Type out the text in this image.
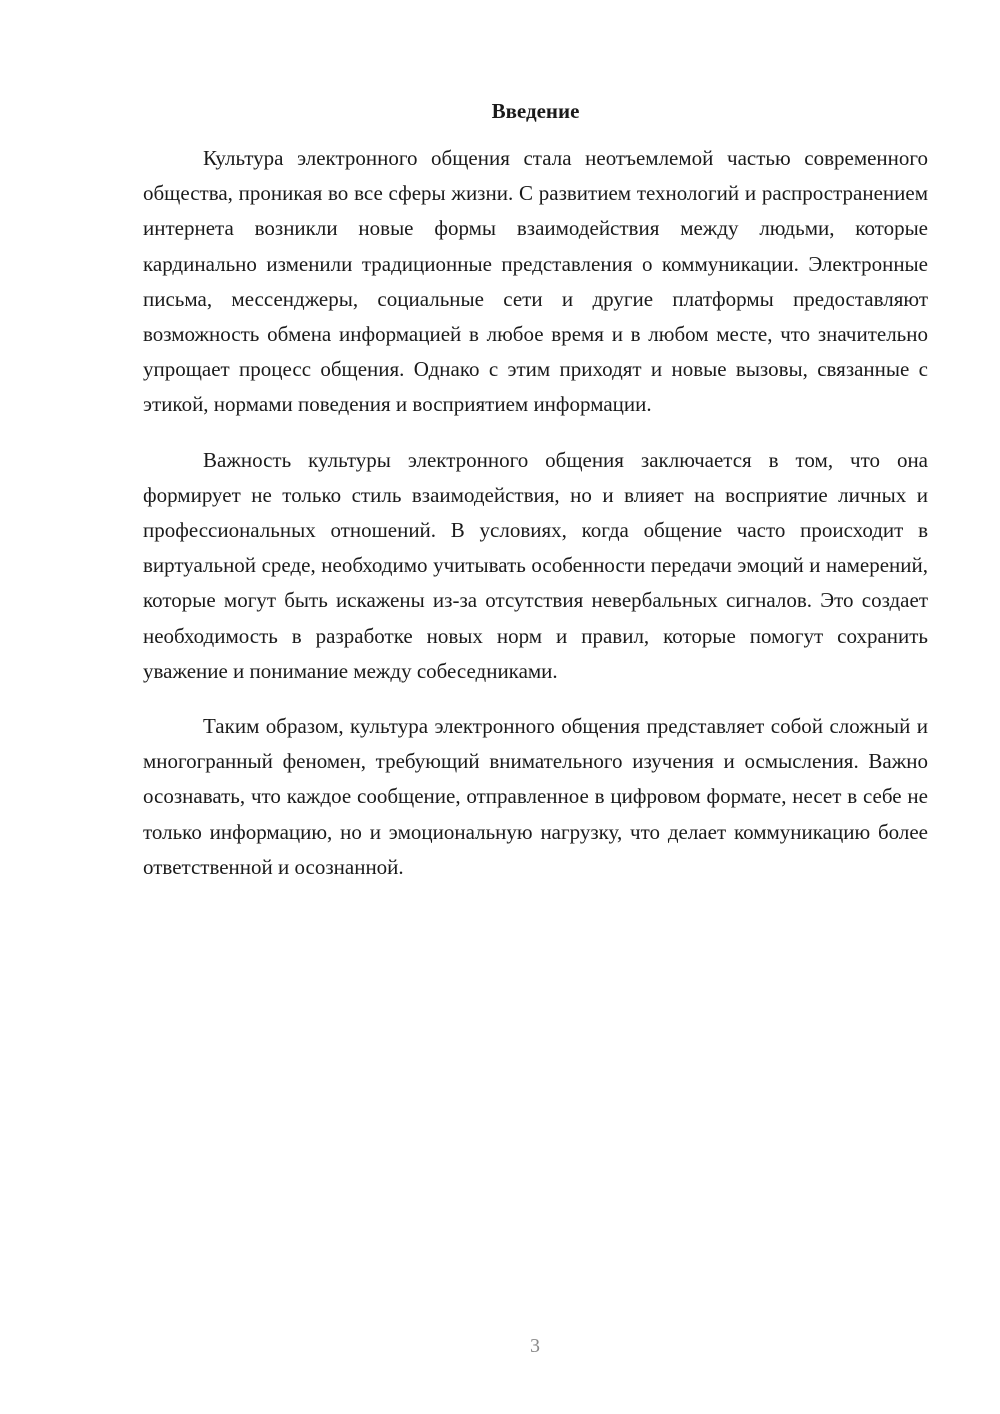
Введение

Культура электронного общения стала неотъемлемой частью современного общества, проникая во все сферы жизни. С развитием технологий и распространением интернета возникли новые формы взаимодействия между людьми, которые кардинально изменили традиционные представления о коммуникации. Электронные письма, мессенджеры, социальные сети и другие платформы предоставляют возможность обмена информацией в любое время и в любом месте, что значительно упрощает процесс общения. Однако с этим приходят и новые вызовы, связанные с этикой, нормами поведения и восприятием информации.

Важность культуры электронного общения заключается в том, что она формирует не только стиль взаимодействия, но и влияет на восприятие личных и профессиональных отношений. В условиях, когда общение часто происходит в виртуальной среде, необходимо учитывать особенности передачи эмоций и намерений, которые могут быть искажены из-за отсутствия невербальных сигналов. Это создает необходимость в разработке новых норм и правил, которые помогут сохранить уважение и понимание между собеседниками.

Таким образом, культура электронного общения представляет собой сложный и многогранный феномен, требующий внимательного изучения и осмысления. Важно осознавать, что каждое сообщение, отправленное в цифровом формате, несет в себе не только информацию, но и эмоциональную нагрузку, что делает коммуникацию более ответственной и осознанной.

3
